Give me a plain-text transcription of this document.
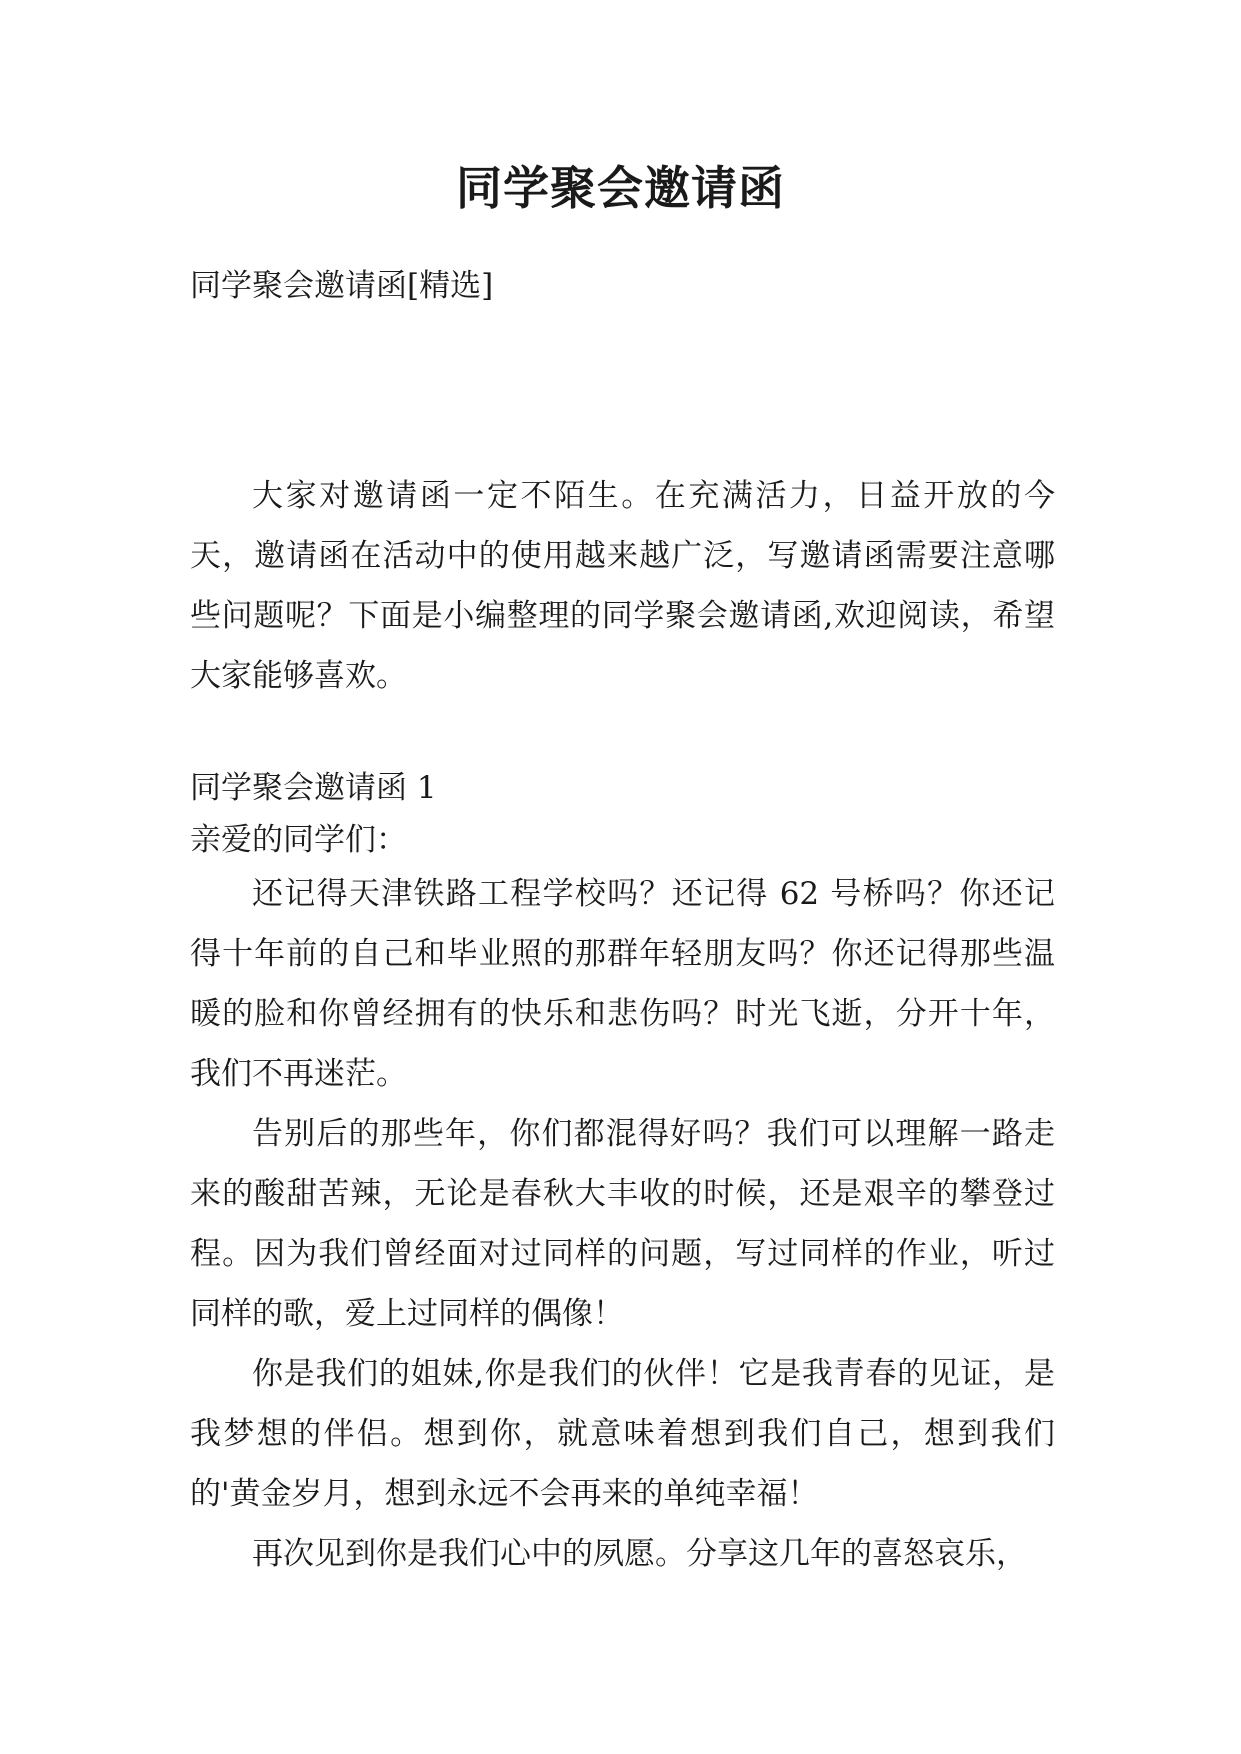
同学聚会邀请函

同学聚会邀请函[精选]

大家对邀请函一定不陌生。在充满活力，日益开放的今天，邀请函在活动中的使用越来越广泛，写邀请函需要注意哪些问题呢？下面是小编整理的同学聚会邀请函,欢迎阅读，希望大家能够喜欢。

同学聚会邀请函 1

亲爱的同学们：

还记得天津铁路工程学校吗？还记得 62 号桥吗？你还记得十年前的自己和毕业照的那群年轻朋友吗？你还记得那些温暖的脸和你曾经拥有的快乐和悲伤吗？时光飞逝，分开十年，我们不再迷茫。

告别后的那些年，你们都混得好吗？我们可以理解一路走来的酸甜苦辣，无论是春秋大丰收的时候，还是艰辛的攀登过程。因为我们曾经面对过同样的问题，写过同样的作业，听过同样的歌，爱上过同样的偶像！

你是我们的姐妹,你是我们的伙伴！它是我青春的见证，是我梦想的伴侣。想到你，就意味着想到我们自己，想到我们的'黄金岁月，想到永远不会再来的单纯幸福！

再次见到你是我们心中的夙愿。分享这几年的喜怒哀乐，
